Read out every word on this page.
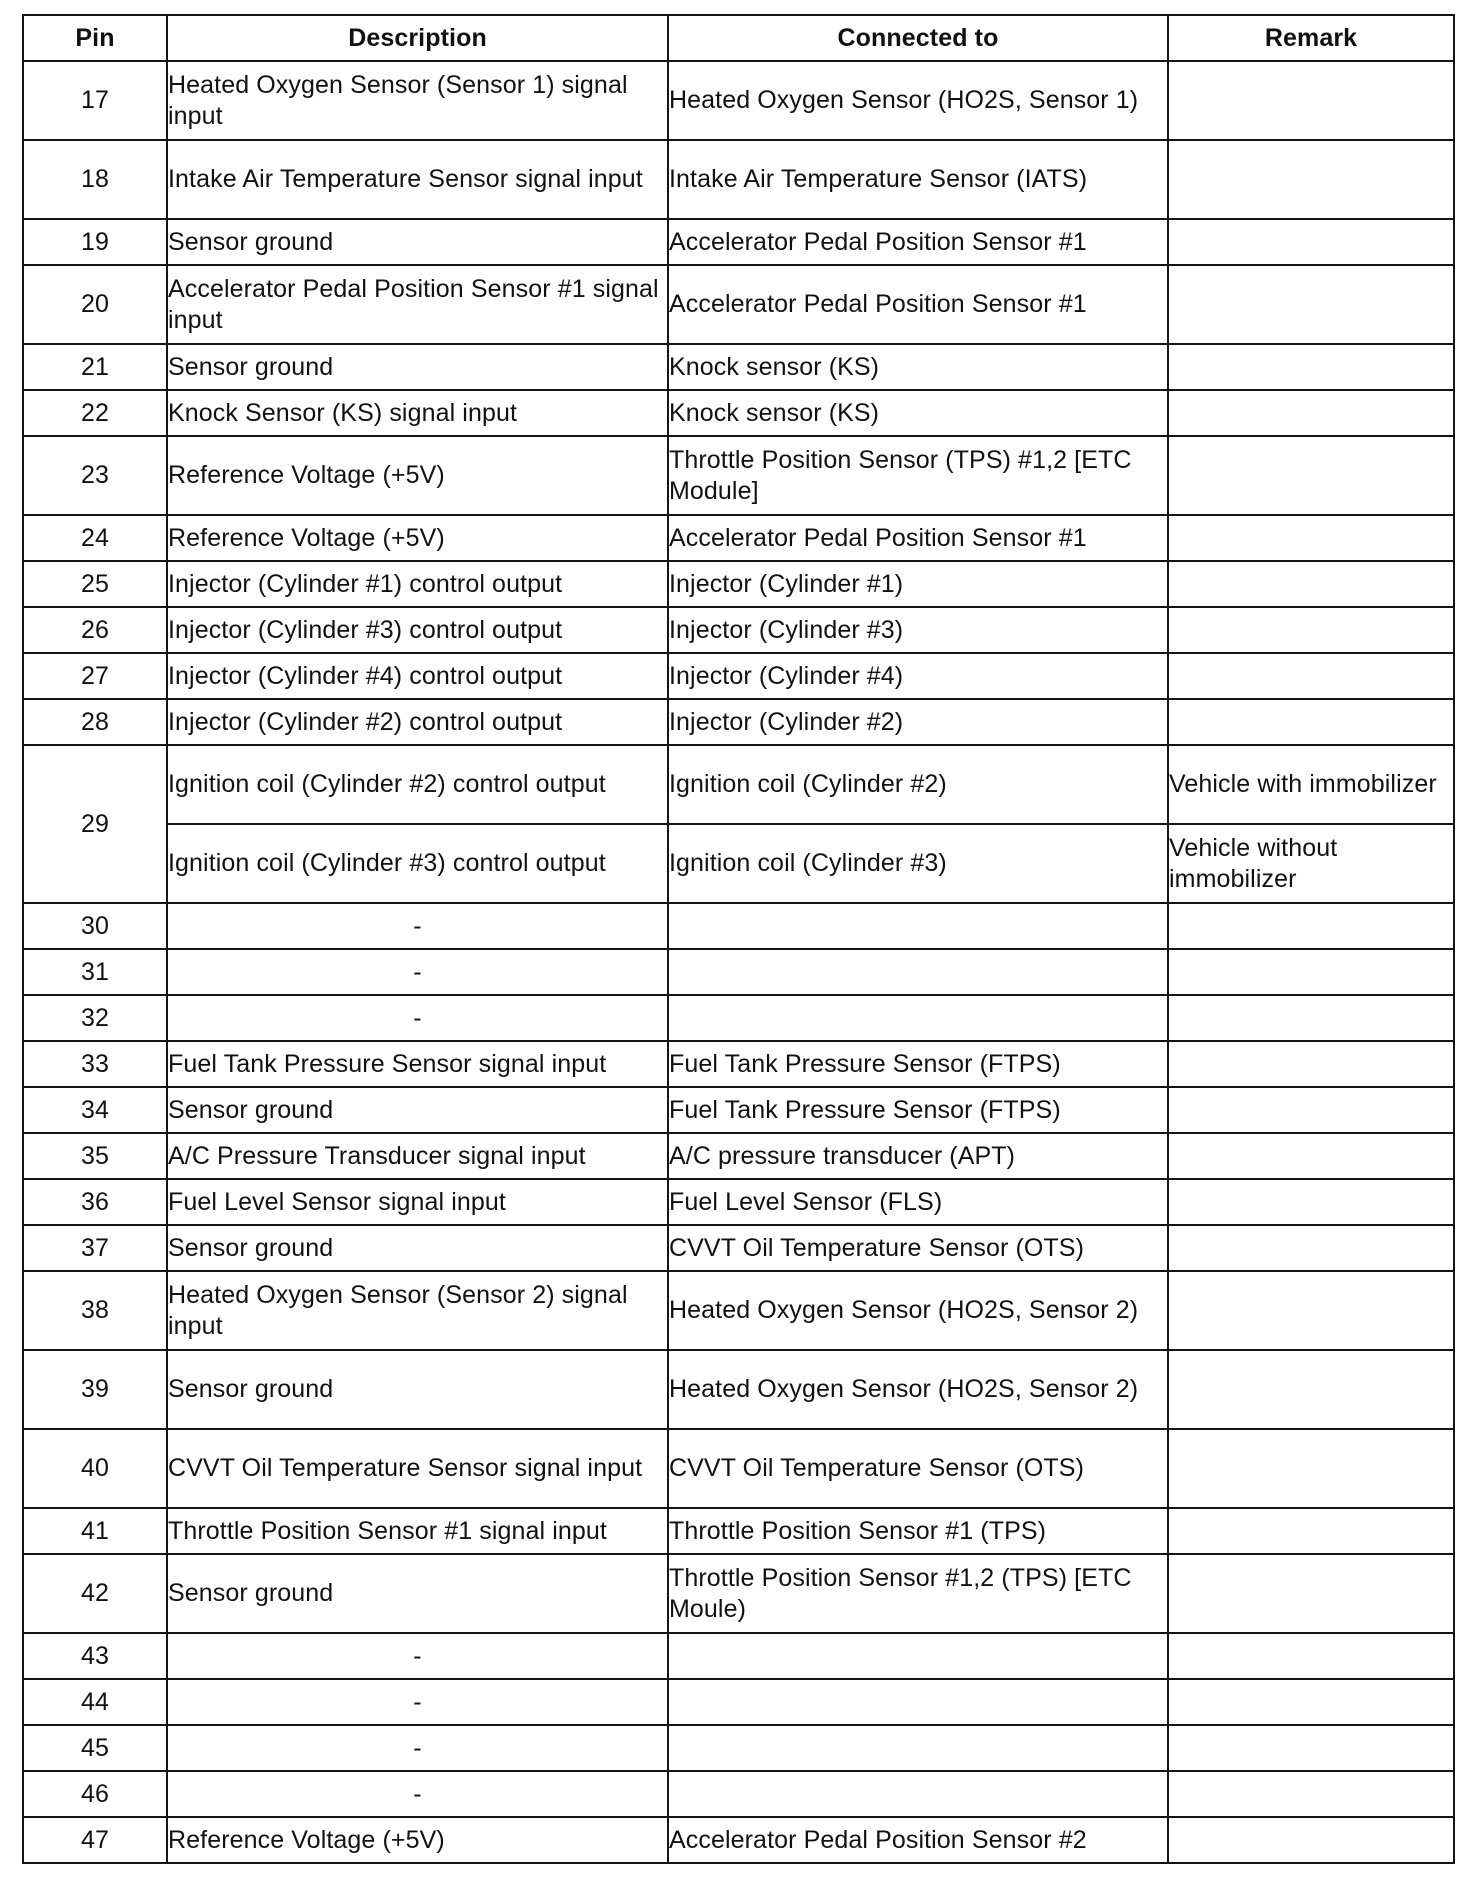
Pin	Description	Connected to	Remark
17	Heated Oxygen Sensor (Sensor 1) signal input	Heated Oxygen Sensor (HO2S, Sensor 1)	
18	Intake Air Temperature Sensor signal input	Intake Air Temperature Sensor (IATS)	
19	Sensor ground	Accelerator Pedal Position Sensor #1	
20	Accelerator Pedal Position Sensor #1 signal input	Accelerator Pedal Position Sensor #1	
21	Sensor ground	Knock sensor (KS)	
22	Knock Sensor (KS) signal input	Knock sensor (KS)	
23	Reference Voltage (+5V)	Throttle Position Sensor (TPS) #1,2 [ETC Module]	
24	Reference Voltage (+5V)	Accelerator Pedal Position Sensor #1	
25	Injector (Cylinder #1) control output	Injector (Cylinder #1)	
26	Injector (Cylinder #3) control output	Injector (Cylinder #3)	
27	Injector (Cylinder #4) control output	Injector (Cylinder #4)	
28	Injector (Cylinder #2) control output	Injector (Cylinder #2)	
29	Ignition coil (Cylinder #2) control output	Ignition coil (Cylinder #2)	Vehicle with immobilizer
	Ignition coil (Cylinder #3) control output	Ignition coil (Cylinder #3)	Vehicle without immobilizer
30	-		
31	-		
32	-		
33	Fuel Tank Pressure Sensor signal input	Fuel Tank Pressure Sensor (FTPS)	
34	Sensor ground	Fuel Tank Pressure Sensor (FTPS)	
35	A/C Pressure Transducer signal input	A/C pressure transducer (APT)	
36	Fuel Level Sensor signal input	Fuel Level Sensor (FLS)	
37	Sensor ground	CVVT Oil Temperature Sensor (OTS)	
38	Heated Oxygen Sensor (Sensor 2) signal input	Heated Oxygen Sensor (HO2S, Sensor 2)	
39	Sensor ground	Heated Oxygen Sensor (HO2S, Sensor 2)	
40	CVVT Oil Temperature Sensor signal input	CVVT Oil Temperature Sensor (OTS)	
41	Throttle Position Sensor #1 signal input	Throttle Position Sensor #1 (TPS)	
42	Sensor ground	Throttle Position Sensor #1,2 (TPS) [ETC Moule)	
43	-		
44	-		
45	-		
46	-		
47	Reference Voltage (+5V)	Accelerator Pedal Position Sensor #2	
